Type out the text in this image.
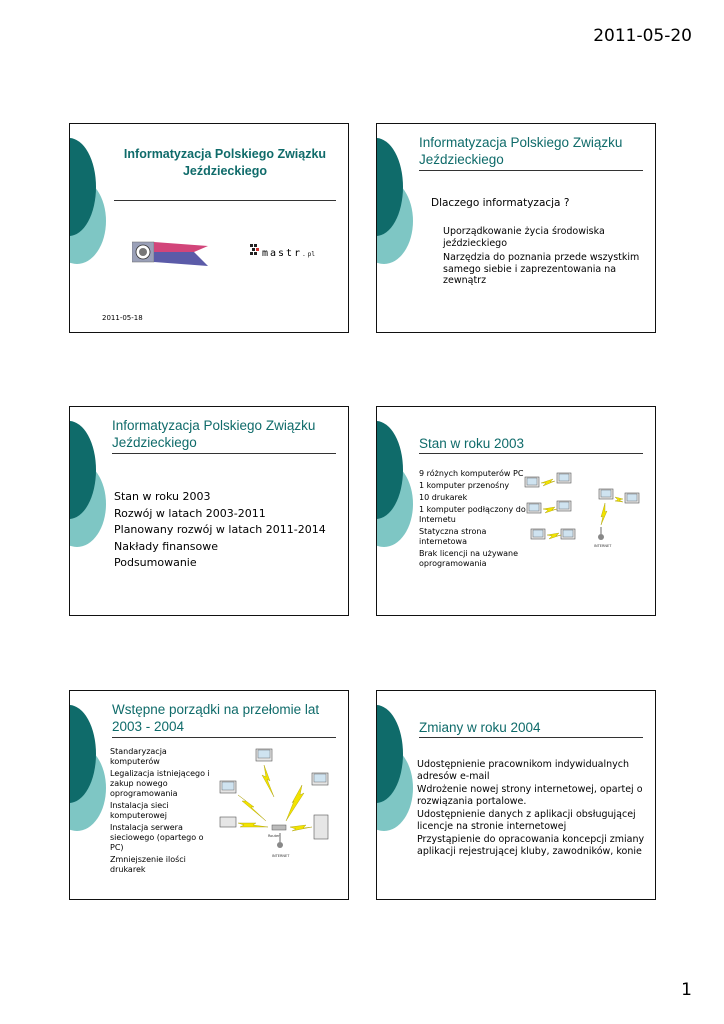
2011-05-20
Informatyzacja Polskiego Związku Jeździeckiego
mastr.pl
2011-05-18
Informatyzacja Polskiego Związku Jeździeckiego
Dlaczego informatyzacja ?
Uporządkowanie życia środowiska jeździeckiego
Narzędzia do poznania przede wszystkim samego siebie i zaprezentowania na zewnątrz
Informatyzacja Polskiego Związku Jeździeckiego
Stan w roku 2003
Rozwój w latach 2003-2011
Planowany rozwój w latach 2011-2014
Nakłady finansowe
Podsumowanie
Stan w roku 2003
9 różnych komputerów PC
1 komputer przenośny
10 drukarek
1 komputer podłączony do Internetu
Statyczna strona internetowa
Brak licencji na używane oprogramowania
INTERNET
Wstępne porządki na przełomie lat 2003 - 2004
Standaryzacja komputerów
Legalizacja istniejącego i zakup nowego oprogramowania
Instalacja sieci komputerowej
Instalacja serwera sieciowego (opartego o PC)
Zmniejszenie ilości drukarek
Router
INTERNET
Zmiany w roku 2004
Udostępnienie pracownikom indywidualnych adresów e-mail
Wdrożenie nowej strony internetowej, opartej o rozwiązania portalowe.
Udostępnienie danych z aplikacji obsługującej licencje na stronie internetowej
Przystąpienie do opracowania koncepcji zmiany aplikacji rejestrującej kluby, zawodników, konie
1
